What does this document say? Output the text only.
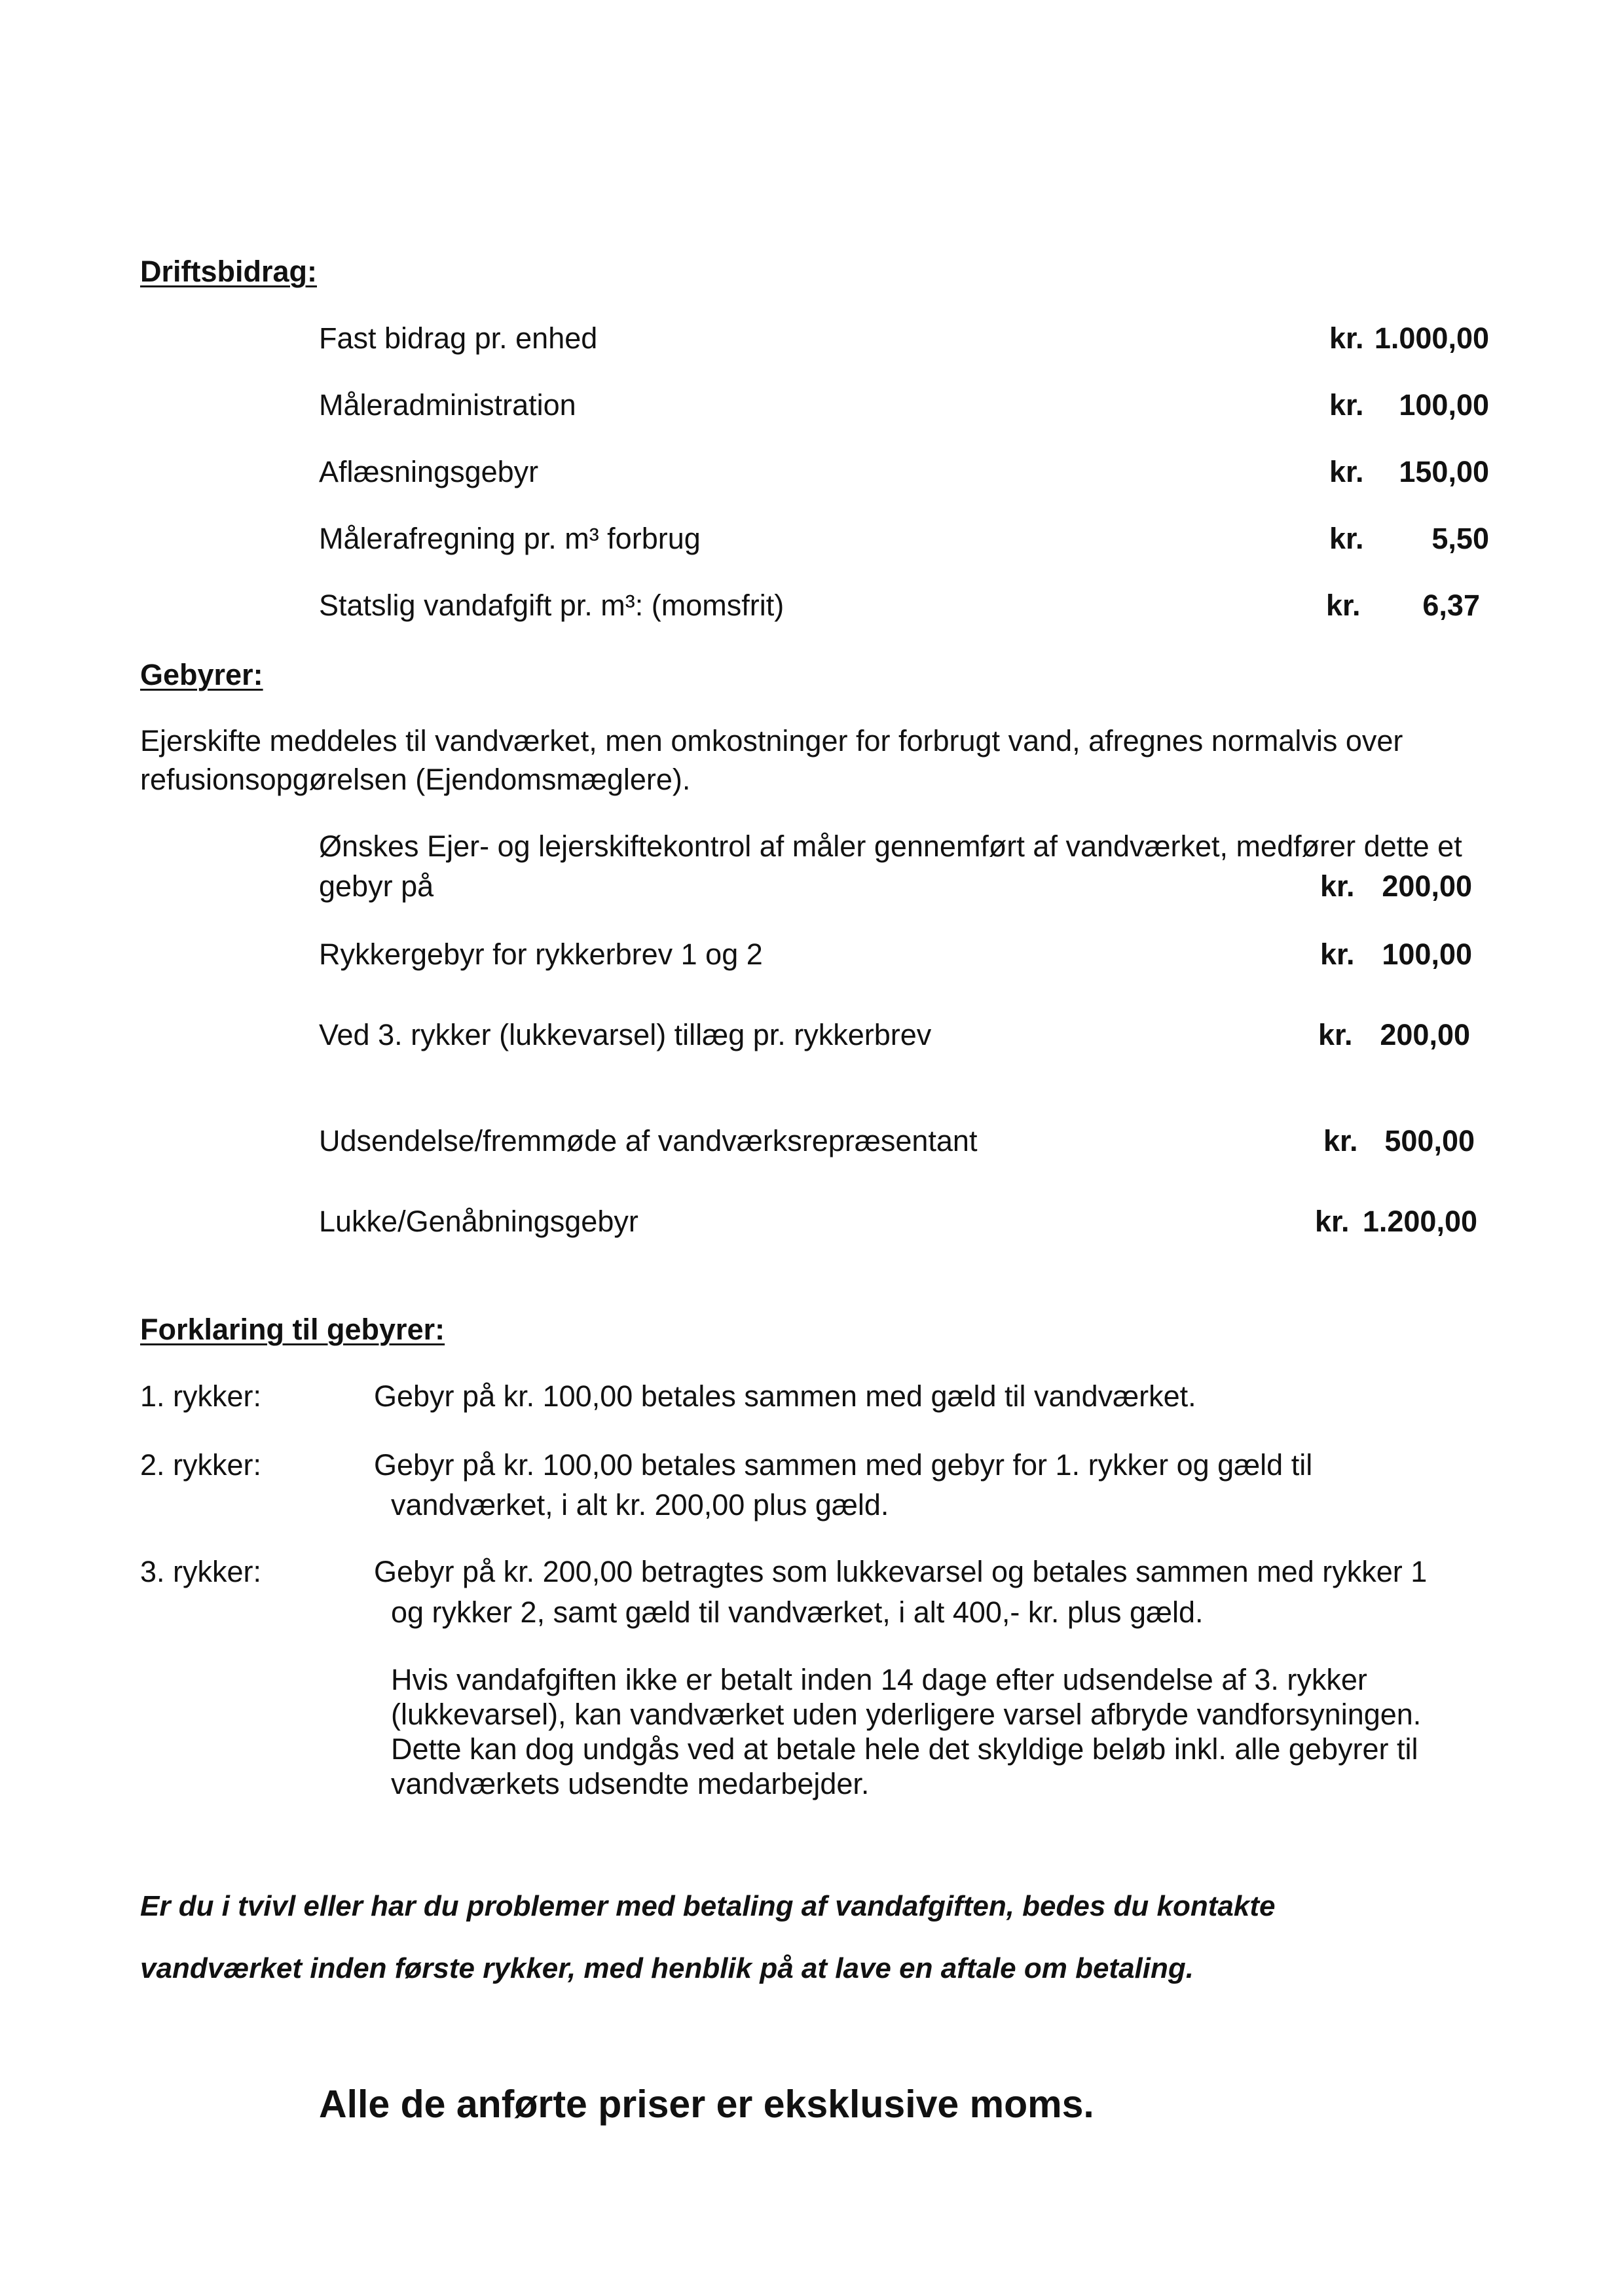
Driftsbidrag:
Fast bidrag pr. enhed	kr. 1.000,00
Måleradministration	kr.	100,00
Aflæsningsgebyr	kr.	150,00
Målerafregning pr. m³ forbrug	kr.	5,50
Statslig vandafgift pr. m³: (momsfrit)	kr.	6,37
Gebyrer:
Ejerskifte meddeles til vandværket, men omkostninger for forbrugt vand, afregnes normalvis over
refusionsopgørelsen (Ejendomsmæglere).
Ønskes Ejer- og lejerskiftekontrol af måler gennemført af vandværket, medfører dette et
gebyr på	kr. 200,00
Rykkergebyr for rykkerbrev 1 og 2	kr. 100,00
Ved 3. rykker (lukkevarsel) tillæg pr. rykkerbrev	kr. 200,00
Udsendelse/fremmøde af vandværksrepræsentant	kr. 500,00
Lukke/Genåbningsgebyr	kr. 1.200,00
Forklaring til gebyrer:
1. rykker:	Gebyr på kr. 100,00 betales sammen med gæld til vandværket.
2. rykker:	Gebyr på kr. 100,00 betales sammen med gebyr for 1. rykker og gæld til
vandværket, i alt kr. 200,00 plus gæld.
3. rykker:	Gebyr på kr. 200,00 betragtes som lukkevarsel og betales sammen med rykker 1
og rykker 2, samt gæld til vandværket, i alt 400,- kr. plus gæld.
Hvis vandafgiften ikke er betalt inden 14 dage efter udsendelse af 3. rykker
(lukkevarsel), kan vandværket uden yderligere varsel afbryde vandforsyningen.
Dette kan dog undgås ved at betale hele det skyldige beløb inkl. alle gebyrer til
vandværkets udsendte medarbejder.
Er du i tvivl eller har du problemer med betaling af vandafgiften, bedes du kontakte
vandværket inden første rykker, med henblik på at lave en aftale om betaling.
Alle de anførte priser er eksklusive moms.
